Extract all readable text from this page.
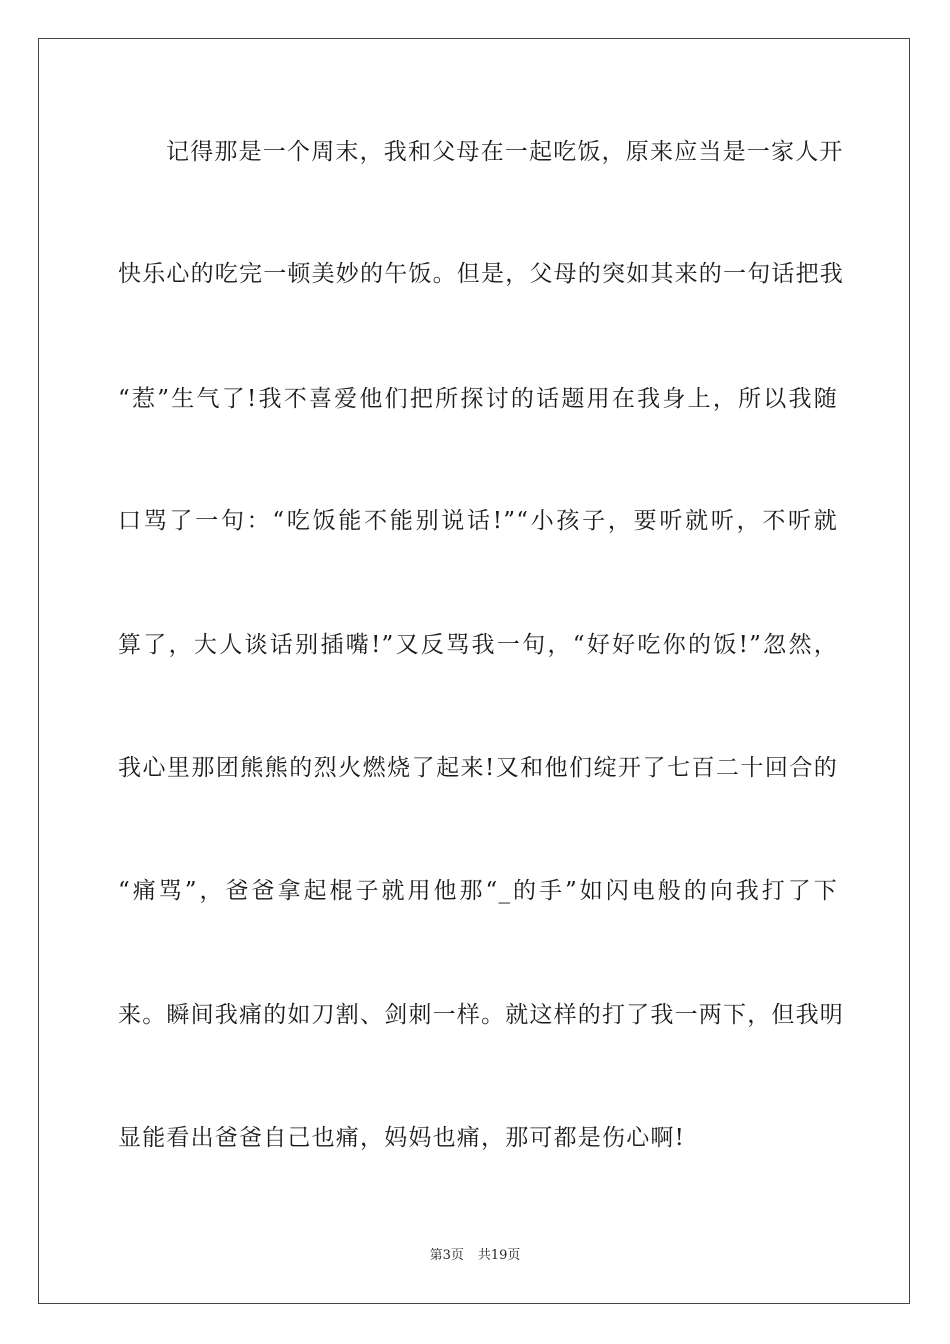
记得那是一个周末，我和父母在一起吃饭，原来应当是一家人开
快乐心的吃完一顿美妙的午饭。但是，父母的突如其来的一句话把我
“惹”生气了!我不喜爱他们把所探讨的话题用在我身上，所以我随
口骂了一句：“吃饭能不能别说话!”“小孩子，要听就听，不听就
算了，大人谈话别插嘴!”又反骂我一句，“好好吃你的饭!”忽然，
我心里那团熊熊的烈火燃烧了起来!又和他们绽开了七百二十回合的
“痛骂”，爸爸拿起棍子就用他那“_的手”如闪电般的向我打了下
来。瞬间我痛的如刀割、剑刺一样。就这样的打了我一两下，但我明
显能看出爸爸自己也痛，妈妈也痛，那可都是伤心啊!
第3页 共19页
